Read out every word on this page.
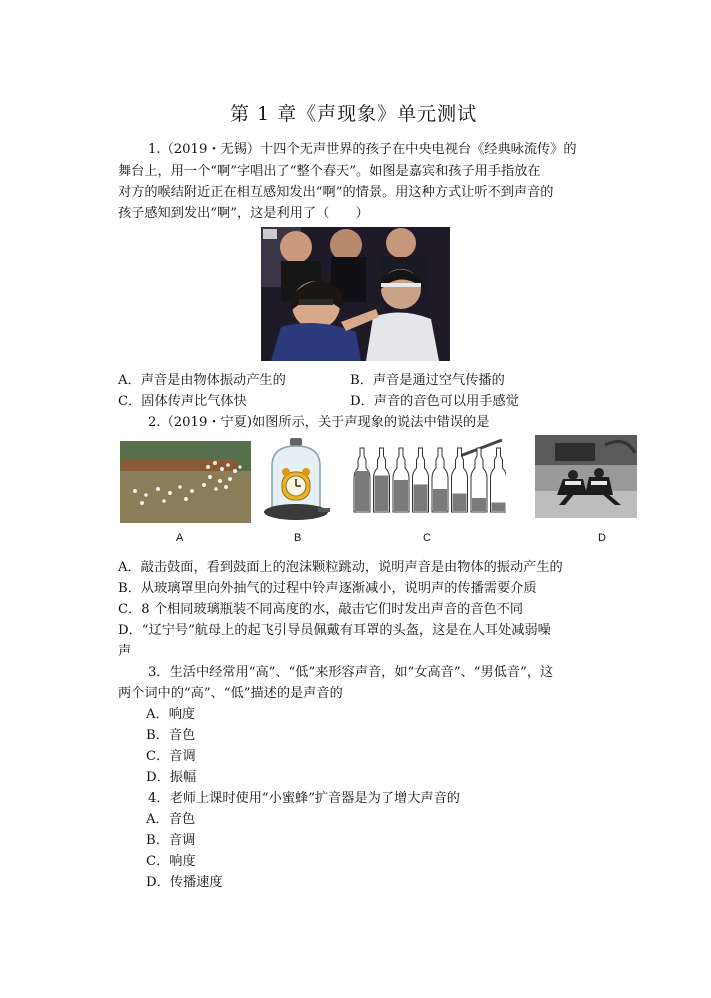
第 1 章《声现象》单元测试
1.（2019・无锡）十四个无声世界的孩子在中央电视台《经典咏流传》的
舞台上，用一个“啊”字唱出了“整个春天”。如图是嘉宾和孩子用手指放在
对方的喉结附近正在相互感知发出“啊”的情景。用这种方式让听不到声音的
孩子感知到发出“啊”，这是利用了（　　）
A．声音是由物体振动产生的	B．声音是通过空气传播的
C．固体传声比气体快	D．声音的音色可以用手感觉
2.（2019・宁夏)如图所示，关于声现象的说法中错误的是
A	B	C	D
A．敲击鼓面，看到鼓面上的泡沫颗粒跳动，说明声音是由物体的振动产生的
B．从玻璃罩里向外抽气的过程中铃声逐渐减小，说明声的传播需要介质
C．8 个相同玻璃瓶装不同高度的水，敲击它们时发出声音的音色不同
D．“辽宁号”航母上的起飞引导员佩戴有耳罩的头盔，这是在人耳处减弱噪
声
3．生活中经常用“高”、“低”来形容声音，如“女高音”、“男低音”，这
两个词中的“高”、“低”描述的是声音的
A．响度
B．音色
C．音调
D．振幅
4．老师上课时使用“小蜜蜂”扩音器是为了增大声音的
A．音色
B．音调
C．响度
D．传播速度
